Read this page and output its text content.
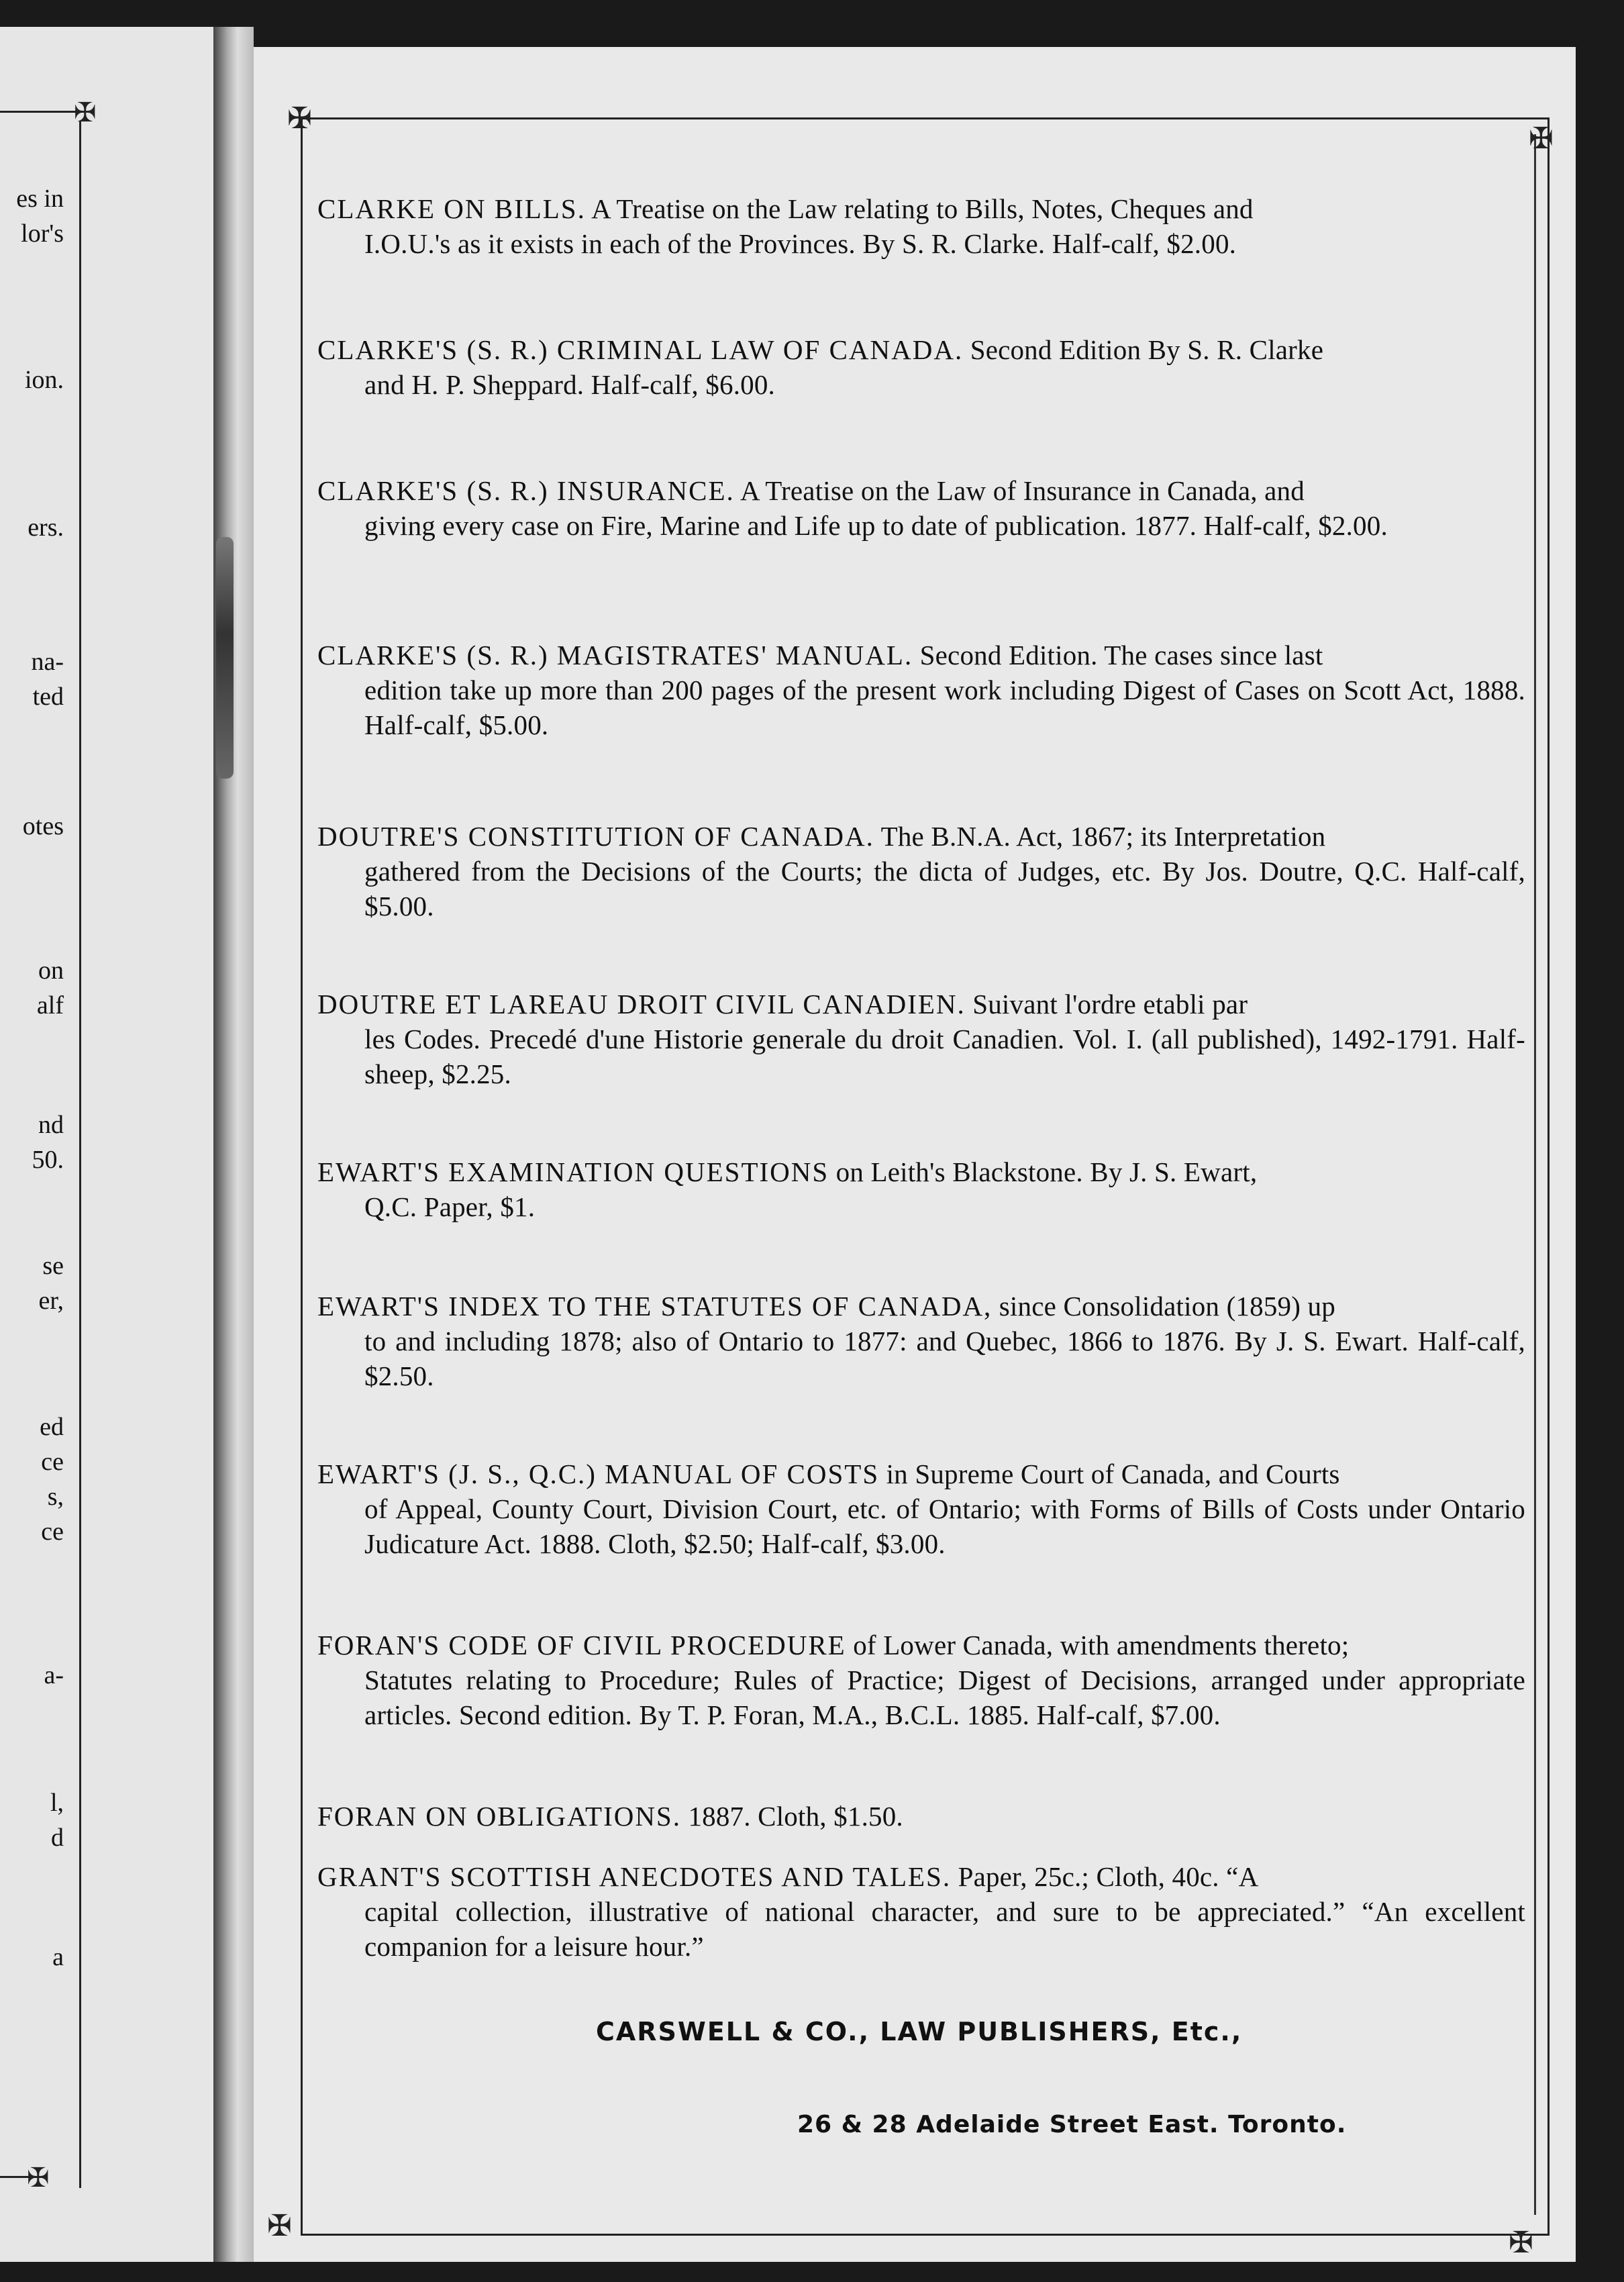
✠
✠
es in
lor's
ion.
ers.
na-
ted
otes
on
alf
nd
50.
se
er,
ed
ce
s,
ce
a-
l,
d
a
✠
✠
✠
✠
CLARKE ON BILLS. A Treatise on the Law relating to Bills, Notes, Cheques and
I.O.U.'s as it exists in each of the Provinces. By S. R. Clarke. Half-calf, $2.00.
CLARKE'S (S. R.) CRIMINAL LAW OF CANADA. Second Edition By S. R. Clarke
and H. P. Sheppard. Half-calf, $6.00.
CLARKE'S (S. R.) INSURANCE. A Treatise on the Law of Insurance in Canada, and
giving every case on Fire, Marine and Life up to date of publication. 1877. Half-calf, $2.00.
CLARKE'S (S. R.) MAGISTRATES' MANUAL. Second Edition. The cases since last
edition take up more than 200 pages of the present work including Digest of Cases on Scott Act, 1888. Half-calf, $5.00.
DOUTRE'S CONSTITUTION OF CANADA. The B.N.A. Act, 1867; its Interpretation
gathered from the Decisions of the Courts; the dicta of Judges, etc. By Jos. Doutre, Q.C. Half-calf, $5.00.
DOUTRE ET LAREAU DROIT CIVIL CANADIEN. Suivant l'ordre etabli par
les Codes. Precedé d'une Historie generale du droit Canadien. Vol. I. (all published), 1492-1791. Half-sheep, $2.25.
EWART'S EXAMINATION QUESTIONS on Leith's Blackstone. By J. S. Ewart,
Q.C. Paper, $1.
EWART'S INDEX TO THE STATUTES OF CANADA, since Consolidation (1859) up
to and including 1878; also of Ontario to 1877: and Quebec, 1866 to 1876. By J. S. Ewart. Half-calf, $2.50.
EWART'S (J. S., Q.C.) MANUAL OF COSTS in Supreme Court of Canada, and Courts
of Appeal, County Court, Division Court, etc. of Ontario; with Forms of Bills of Costs under Ontario Judicature Act. 1888. Cloth, $2.50; Half-calf, $3.00.
FORAN'S CODE OF CIVIL PROCEDURE of Lower Canada, with amendments thereto;
Statutes relating to Procedure; Rules of Practice; Digest of Decisions, arranged under appropriate articles. Second edition. By T. P. Foran, M.A., B.C.L. 1885. Half-calf, $7.00.
FORAN ON OBLIGATIONS. 1887. Cloth, $1.50.
GRANT'S SCOTTISH ANECDOTES AND TALES. Paper, 25c.; Cloth, 40c. “A
capital collection, illustrative of national character, and sure to be appreciated.” “An excellent companion for a leisure hour.”
CARSWELL & CO., LAW PUBLISHERS, Etc.,
26 & 28 Adelaide Street East. Toronto.
